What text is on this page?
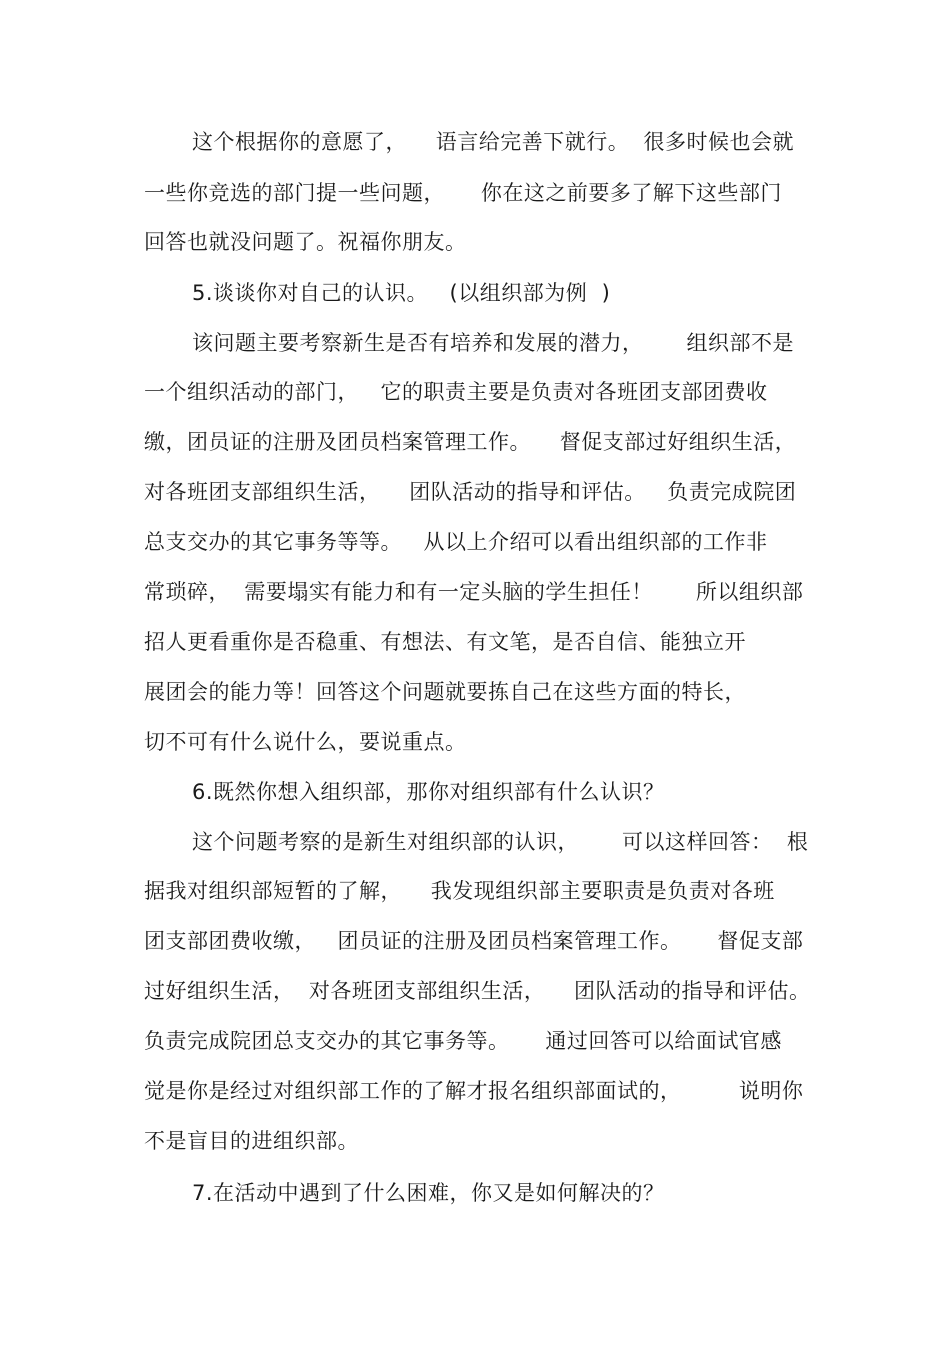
这个根据你的意愿了，    语言给完善下就行。  很多时候也会就
一些你竞选的部门提一些问题，     你在这之前要多了解下这些部门
回答也就没问题了。祝福你朋友。
5.谈谈你对自己的认识。   (以组织部为例  )
该问题主要考察新生是否有培养和发展的潜力，      组织部不是
一个组织活动的部门，   它的职责主要是负责对各班团支部团费收
缴，团员证的注册及团员档案管理工作。    督促支部过好组织生活，
对各班团支部组织生活，    团队活动的指导和评估。   负责完成院团
总支交办的其它事务等等。   从以上介绍可以看出组织部的工作非
常琐碎，  需要塌实有能力和有一定头脑的学生担任！      所以组织部
招人更看重你是否稳重、有想法、有文笔，是否自信、能独立开
展团会的能力等！回答这个问题就要拣自己在这些方面的特长，
切不可有什么说什么，要说重点。
6.既然你想入组织部，那你对组织部有什么认识？
这个问题考察的是新生对组织部的认识，      可以这样回答：  根
据我对组织部短暂的了解，    我发现组织部主要职责是负责对各班
团支部团费收缴，   团员证的注册及团员档案管理工作。     督促支部
过好组织生活，  对各班团支部组织生活，    团队活动的指导和评估。
负责完成院团总支交办的其它事务等。     通过回答可以给面试官感
觉是你是经过对组织部工作的了解才报名组织部面试的，        说明你
不是盲目的进组织部。
7.在活动中遇到了什么困难，你又是如何解决的？
